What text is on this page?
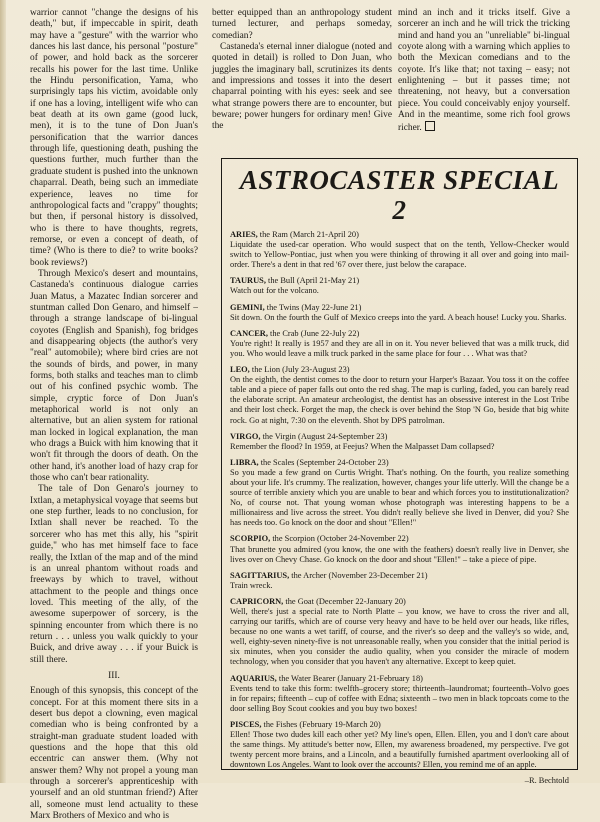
warrior cannot "change the designs of his death," but, if impeccable in spirit, death may have a "gesture" with the warrior who dances his last dance, his personal "posture" of power, and hold back as the sorcerer recalls his power for the last time. Unlike the Hindu personification, Yama, who surprisingly taps his victim, avoidable only if one has a loving, intelligent wife who can beat death at its own game (good luck, men), it is to the tune of Don Juan's personification that the warrior dances through life, questioning death, pushing the questions further, much further than the graduate student is pushed into the unknown chaparral. Death, being such an immediate experience, leaves no time for anthropological facts and "crappy" thoughts; but then, if personal history is dissolved, who is there to have thoughts, regrets, remorse, or even a concept of death, of time? (Who is there to die? to write books? book reviews?)

Through Mexico's desert and mountains, Castaneda's continuous dialogue carries Juan Matus, a Mazatec Indian sorcerer and stuntman called Don Genaro, and himself – through a strange landscape of bi-lingual coyotes (English and Spanish), fog bridges and disappearing objects (the author's very "real" automobile); where bird cries are not the sounds of birds, and power, in many forms, both stalks and teaches man to climb out of his confined psychic womb. The simple, cryptic force of Don Juan's metaphorical world is not only an alternative, but an alien system for rational man locked in logical explanation, the man who drags a Buick with him knowing that it won't fit through the doors of death. On the other hand, it's another load of hazy crap for those who can't bear rationality.

The tale of Don Genaro's journey to Ixtlan, a metaphysical voyage that seems but one step further, leads to no conclusion, for Ixtlan shall never be reached. To the sorcerer who has met this ally, his "spirit guide," who has met himself face to face really, the Ixtlan of the map and of the mind is an unreal phantom without roads and freeways by which to travel, without attachment to the people and things once loved. This meeting of the ally, of the awesome superpower of sorcery, is the spinning encounter from which there is no return . . . unless you walk quickly to your Buick, and drive away . . . if your Buick is still there.

III.

Enough of this synopsis, this concept of the concept. For at this moment there sits in a desert bus depot a clowning, even magical comedian who is being confronted by a straight-man graduate student loaded with questions and the hope that this old eccentric can answer them. (Why not answer them? Why not propel a young man through a sorcerer's apprenticeship with yourself and an old stuntman friend?) After all, someone must lend actuality to these Marx Brothers of Mexico and who is

better equipped than an anthropology student turned lecturer, and perhaps someday, comedian?

Castaneda's eternal inner dialogue (noted and quoted in detail) is rolled to Don Juan, who juggles the imaginary ball, scrutinizes its dents and impressions and tosses it into the desert chaparral pointing with his eyes: seek and see what strange powers there are to encounter, but beware; power hungers for ordinary men! Give the

mind an inch and it tricks itself. Give a sorcerer an inch and he will trick the tricking mind and hand you an "unreliable" bi-lingual coyote along with a warning which applies to both the Mexican comedians and to the coyote. It's like that; not taxing – easy; not enlightening – but it passes time; not threatening, not heavy, but a conversation piece. You could conceivably enjoy yourself. And in the meantime, some rich fool grows richer.

ASTROCASTER SPECIAL 2
ARIES, the Ram (March 21-April 20)
Liquidate the used-car operation. Who would suspect that on the tenth, Yellow-Checker would switch to Yellow-Pontiac, just when you were thinking of throwing it all over and going into mail-order. There's a dent in that red '67 over there, just below the carapace.
TAURUS, the Bull (April 21-May 21)
Watch out for the volcano.
GEMINI, the Twins (May 22-June 21)
Sit down. On the fourth the Gulf of Mexico creeps into the yard. A beach house! Lucky you. Sharks.
CANCER, the Crab (June 22-July 22)
You're right! It really is 1957 and they are all in on it. You never believed that was a milk truck, did you. Who would leave a milk truck parked in the same place for four . . . What was that?
LEO, the Lion (July 23-August 23)
On the eighth, the dentist comes to the door to return your Harper's Bazaar. You toss it on the coffee table and a piece of paper falls out onto the red shag. The map is curling, faded, you can barely read the elaborate script. An amateur archeologist, the dentist has an obsessive interest in the Lost Tribe and their lost check. Forget the map, the check is over behind the Stop 'N Go, beside that big white rock. Go at night, 7:30 on the eleventh. Shot by DPS patrolman.
VIRGO, the Virgin (August 24-September 23)
Remember the flood? In 1959, at Feejus? When the Malpasset Dam collapsed?
LIBRA, the Scales (September 24-October 23)
So you made a few grand on Curtis Wright. That's nothing. On the fourth, you realize something about your life. It's crummy. The realization, however, changes your life utterly. Will the change be a source of terrible anxiety which you are unable to bear and which forces you to institutionalization? No, of course not. That young woman whose photograph was interesting happens to be a millionairess and live across the street. You didn't really believe she lived in Denver, did you? She has needs too. Go knock on the door and shout "Ellen!"
SCORPIO, the Scorpion (October 24-November 22)
That brunette you admired (you know, the one with the feathers) doesn't really live in Denver, she lives over on Chevy Chase. Go knock on the door and shout "Ellen!" – take a piece of pipe.
SAGITTARIUS, the Archer (November 23-December 21)
Train wreck.
CAPRICORN, the Goat (December 22-January 20)
Well, there's just a special rate to North Platte – you know, we have to cross the river and all, carrying our tariffs, which are of course very heavy and have to be held over our heads, like rifles, because no one wants a wet tariff, of course, and the river's so deep and the valley's so wide, and, well, eighty-seven ninety-five is not unreasonable really, when you consider that the initial period is six minutes, when you consider the audio quality, when you consider the miracle of modern technology, when you consider that you haven't any alternative. Except to keep quiet.
AQUARIUS, the Water Bearer (January 21-February 18)
Events tend to take this form: twelfth–grocery store; thirteenth–laundromat; fourteenth–Volvo goes in for repairs; fifteenth – cup of coffee with Edna; sixteenth – two men in black topcoats come to the door selling Boy Scout cookies and you buy two boxes!
PISCES, the Fishes (February 19-March 20)
Ellen! Those two dudes kill each other yet? My line's open, Ellen. Ellen, you and I don't care about the same things. My attitude's better now, Ellen, my awareness broadened, my perspective. I've got twenty percent more brains, and a Lincoln, and a beautifully furnished apartment overlooking all of downtown Los Angeles. Want to look over the accounts? Ellen, you remind me of an apple.
–R. Bechtold
